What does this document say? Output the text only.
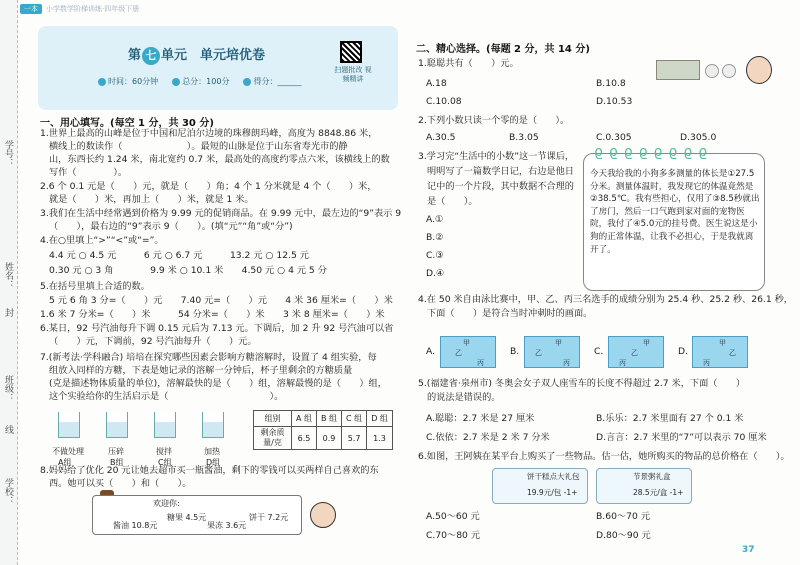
学号：
姓名：
封
班级：
线
学校：
一本 小学数学阶梯训练·四年级下册
第 七 单元　 单元培优卷
时间：60分钟	总分：100分	得分：______
扫题批改 视频精讲
一、用心填写。(每空 1 分，共 30 分)
1.世界上最高的山峰是位于中国和尼泊尔边境的珠穆朗玛峰，高度为 8848.86 米，
横线上的数读作（　　　　　　　）。最短的山脉是位于山东省寿光市的静
山，东西长约 1.24 米，南北宽约 0.7 米，最高处的高度约零点六米，该横线上的数
写作（　　　　）。
2.6 个 0.1 元是（　　）元，就是（　　）角；4 个 1 分米就是 4 个（　　）米，
就是（　　）米，再加上（　　）米，就是 1 米。
3.我们在生活中经常遇到价格为 9.99 元的促销商品。在 9.99 元中，最左边的“9”表示 9
（　　），最右边的“9”表示 9（　　）。(填“元”“角”或“分”)
4.在○里填上“>”“<”或“=”。
4.4 元 ○ 4.5 元　　　6 元 ○ 6.7 元　　　13.2 元 ○ 12.5 元
0.30 元 ○ 3 角　　　　9.9 米 ○ 10.1 米　　4.50 元 ○ 4 元 5 分
5.在括号里填上合适的数。
5 元 6 角 3 分=（　　）元　　7.40 元=（　　）元　　4 米 36 厘米=（　　）米
1.6 米 7 分米=（　　）米　　　54 分米=（　　）米　　3 米 8 厘米=（　　）米
6.某日，92 号汽油每升下调 0.15 元后为 7.13 元。下调后，加 2 升 92 号汽油可以省
（　　）元，下调前，92 号汽油每升（　　）元。
7.(新考法·学科融合) 培培在探究哪些因素会影响方糖溶解时，设置了 4 组实验，每
组放入同样的方糖，下表是她记录的溶解一分钟后，杯子里剩余的方糖质量
(克是描述物体质量的单位)，溶解最快的是（　　）组，溶解最慢的是（　　）组，
这个实验给你的生活启示是（　　　　　　　　　　　）。
不做处理	压碎	搅拌	加热
A组	B组	C组	D组
组别	A 组	B 组	C 组	D 组
剩余质量/克	6.5	0.9	5.7	1.3
8.妈妈给了优化 20 元让她去超市买一瓶酱油，剩下的零钱可以买两样自己喜欢的东
西。她可以买（　　）和（　　）。
欢迎你:
酱油 10.8元
糖果 4.5元
果冻 3.6元
饼干 7.2元
二、精心选择。(每题 2 分，共 14 分)
1.聪聪共有（　　）元。
A.18	B.10.8
C.10.08	D.10.53
2.下列小数只读一个零的是（　　）。
A.30.5	B.3.05	C.0.305	D.305.0
3.学习完“生活中的小数”这一节课后，
明明写了一篇数学日记，右边是他日
记中的一个片段，其中数据不合理的
是（　　）。
A.①
B.②
C.③
D.④
ϱϱϱϱϱϱϱϱ
今天我给我的小狗多多测量的体长是①27.5分米。测量体温时，我发现它的体温竟然是②38.5℃。我有些担心，仅用了③8.5秒就出了房门，然后一口气跑到家对面的宠物医院，我付了④5.0元的挂号费。医生说这是小狗的正常体温，让我不必担心，于是我就离开了。
4.在 50 米自由泳比赛中，甲、乙、丙三名选手的成绩分别为 25.4 秒、25.2 秒、26.1 秒，
下面（　　）是符合当时冲刺时的画面。
A.
甲
乙
丙
B.
甲
乙
丙
C.
甲
乙
丙
D.
甲
乙
丙
5.(福建省·泉州市) 冬奥会女子双人座雪车的长度不得超过 2.7 米，下面（　　）
的说法是错误的。
A.聪聪：2.7 米是 27 厘米	B.乐乐：2.7 米里面有 27 个 0.1 米
C.依依：2.7 米是 2 米 7 分米	D.言言：2.7 米里的“7”可以表示 70 厘米
6.如图，王阿姨在某平台上购买了一些物品。估一估，她所购买的物品的总价格在（　　）。
饼干糕点大礼包
19.9元/包 -1+
节景粥礼盒
28.5元/盒 -1+
A.50～60 元	B.60～70 元
C.70～80 元	D.80～90 元
37
